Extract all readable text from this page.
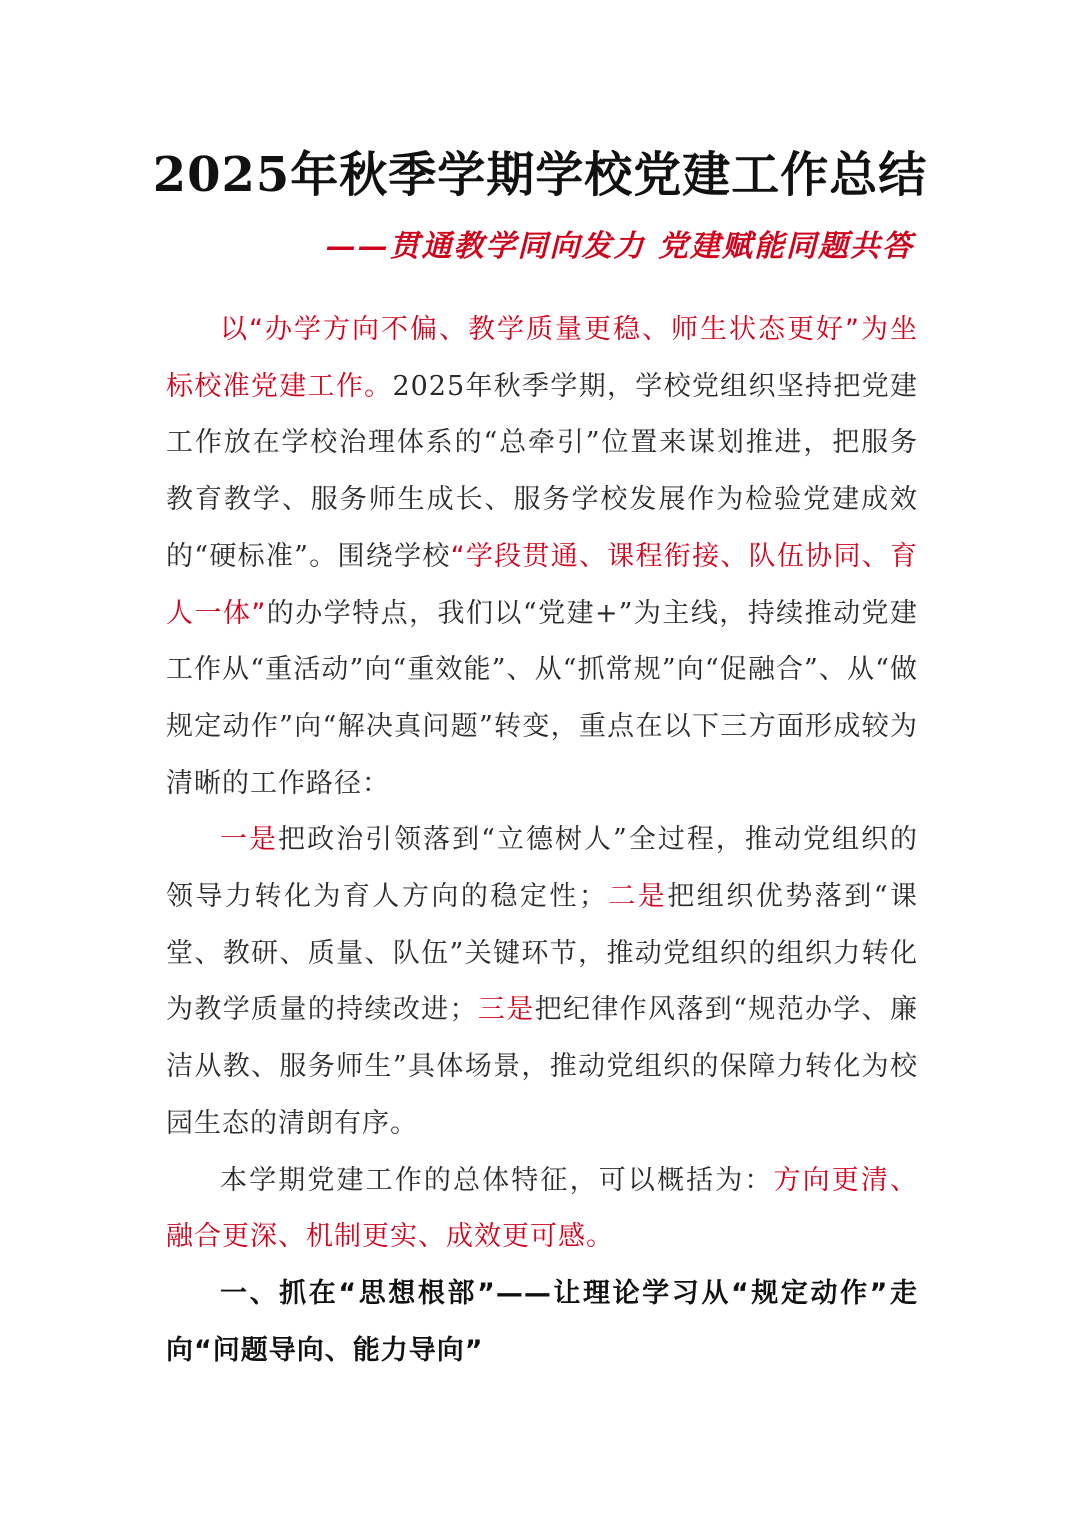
2025年秋季学期学校党建工作总结
——贯通教学同向发力 党建赋能同题共答

以“办学方向不偏、教学质量更稳、师生状态更好”为坐标校准党建工作。2025年秋季学期，学校党组织坚持把党建工作放在学校治理体系的“总牵引”位置来谋划推进，把服务教育教学、服务师生成长、服务学校发展作为检验党建成效的“硬标准”。围绕学校“学段贯通、课程衔接、队伍协同、育人一体”的办学特点，我们以“党建+”为主线，持续推动党建工作从“重活动”向“重效能”、从“抓常规”向“促融合”、从“做规定动作”向“解决真问题”转变，重点在以下三方面形成较为清晰的工作路径：

一是把政治引领落到“立德树人”全过程，推动党组织的领导力转化为育人方向的稳定性；二是把组织优势落到“课堂、教研、质量、队伍”关键环节，推动党组织的组织力转化为教学质量的持续改进；三是把纪律作风落到“规范办学、廉洁从教、服务师生”具体场景，推动党组织的保障力转化为校园生态的清朗有序。

本学期党建工作的总体特征，可以概括为：方向更清、融合更深、机制更实、成效更可感。

一、抓在“思想根部”——让理论学习从“规定动作”走向“问题导向、能力导向”
